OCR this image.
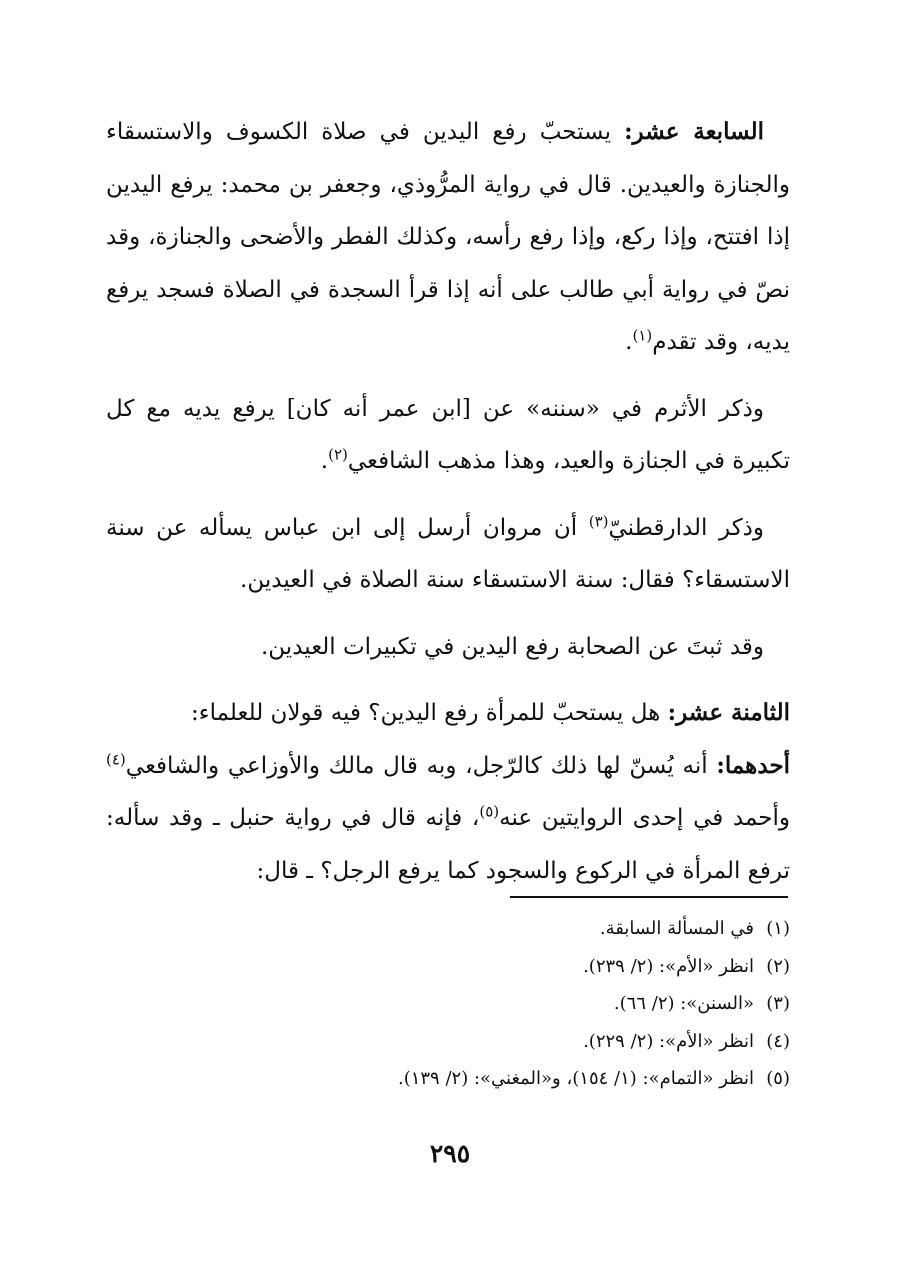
السابعة عشر: يستحبّ رفع اليدين في صلاة الكسوف والاستسقاء والجنازة والعيدين. قال في رواية المرُّوذي، وجعفر بن محمد: يرفع اليدين إذا افتتح، وإذا ركع، وإذا رفع رأسه، وكذلك الفطر والأضحى والجنازة، وقد نصّ في رواية أبي طالب على أنه إذا قرأ السجدة في الصلاة فسجد يرفع يديه، وقد تقدم$^{(١)}$.

وذكر الأثرم في «سننه» عن [ابن عمر أنه كان] يرفع يديه مع كل تكبيرة في الجنازة والعيد، وهذا مذهب الشافعي$^{(٢)}$.

وذكر الدارقطنيّ$^{(٣)}$ أن مروان أرسل إلى ابن عباس يسأله عن سنة الاستسقاء؟ فقال: سنة الاستسقاء سنة الصلاة في العيدين.

وقد ثبتَ عن الصحابة رفع اليدين في تكبيرات العيدين.

الثامنة عشر: هل يستحبّ للمرأة رفع اليدين؟ فيه قولان للعلماء:

أحدهما: أنه يُسنّ لها ذلك كالرّجل، وبه قال مالك والأوزاعي والشافعي$^{(٤)}$ وأحمد في إحدى الروايتين عنه$^{(٥)}$، فإنه قال في رواية حنبل ـ وقد سأله: ترفع المرأة في الركوع والسجود كما يرفع الرجل؟ ـ قال:

(١)في المسألة السابقة.
(٢)انظر «الأم»: (٢/ ٢٣٩).
(٣)«السنن»: (٢/ ٦٦).
(٤)انظر «الأم»: (٢/ ٢٢٩).
(٥)انظر «التمام»: (١/ ١٥٤)، و«المغني»: (٢/ ١٣٩).
٢٩٥
